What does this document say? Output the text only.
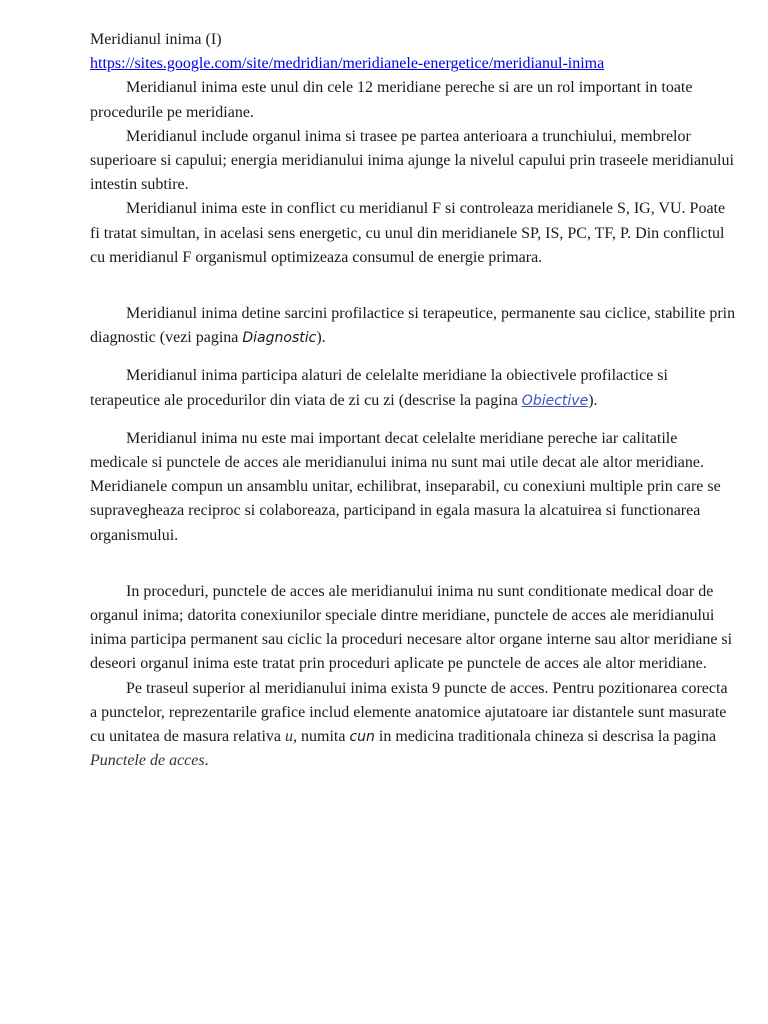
Meridianul inima (I)

https://sites.google.com/site/medridian/meridianele-energetice/meridianul-inima

Meridianul inima este unul din cele 12 meridiane pereche si are un rol important in toate procedurile pe meridiane.

Meridianul include organul inima si trasee pe partea anterioara a trunchiului, membrelor superioare si capului; energia meridianului inima ajunge la nivelul capului prin traseele meridianului intestin subtire.

Meridianul inima este in conflict cu meridianul F si controleaza meridianele S, IG, VU. Poate fi tratat simultan, in acelasi sens energetic, cu unul din meridianele SP, IS, PC, TF, P. Din conflictul cu meridianul F organismul optimizeaza consumul de energie primara.

Meridianul inima detine sarcini profilactice si terapeutice, permanente sau ciclice, stabilite prin diagnostic (vezi pagina Diagnostic).

Meridianul inima participa alaturi de celelalte meridiane la obiectivele profilactice si terapeutice ale procedurilor din viata de zi cu zi (descrise la pagina Obiective).

Meridianul inima nu este mai important decat celelalte meridiane pereche iar calitatile medicale si punctele de acces ale meridianului inima nu sunt mai utile decat ale altor meridiane. Meridianele compun un ansamblu unitar, echilibrat, inseparabil, cu conexiuni multiple prin care se supravegheaza reciproc si colaboreaza, participand in egala masura la alcatuirea si functionarea organismului.

In proceduri, punctele de acces ale meridianului inima nu sunt conditionate medical doar de organul inima; datorita conexiunilor speciale dintre meridiane, punctele de acces ale meridianului inima participa permanent sau ciclic la proceduri necesare altor organe interne sau altor meridiane si deseori organul inima este tratat prin proceduri aplicate pe punctele de acces ale altor meridiane.

Pe traseul superior al meridianului inima exista 9 puncte de acces. Pentru pozitionarea corecta a punctelor, reprezentarile grafice includ elemente anatomice ajutatoare iar distantele sunt masurate cu unitatea de masura relativa u, numita cun in medicina traditionala chineza si descrisa la pagina Punctele de acces.
